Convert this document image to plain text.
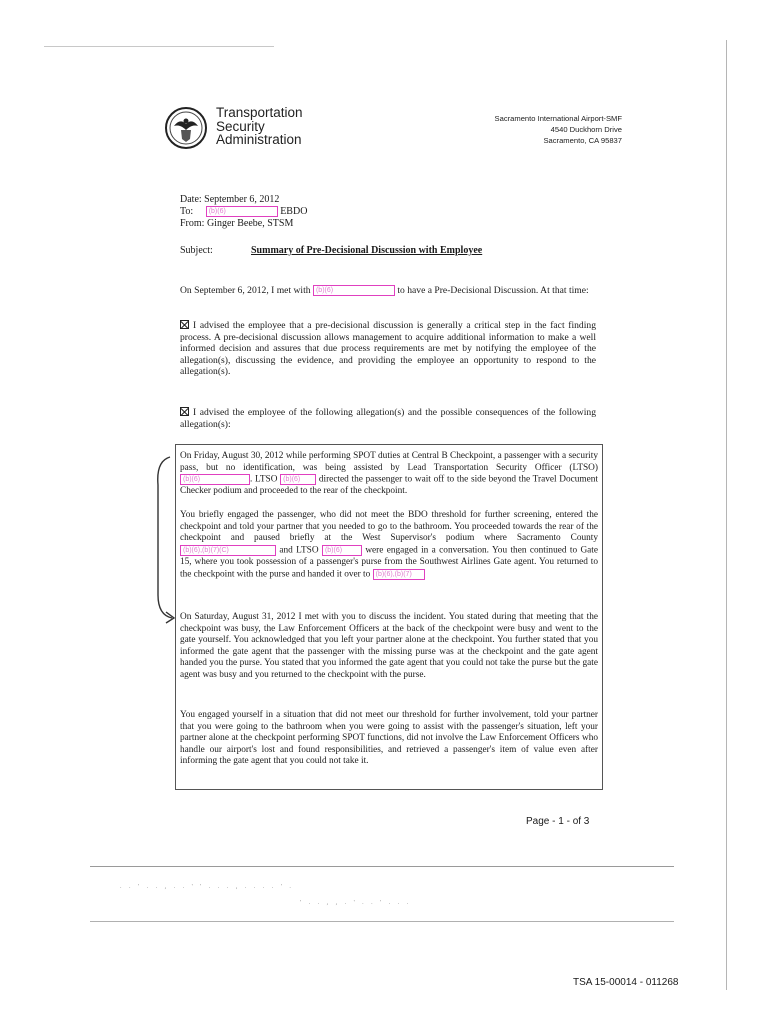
. . ' . . , . . ' ' . . . , . . . . ' .
' . . , , . ' . . ' . . .
Transportation
Security
Administration
Sacramento International Airport-SMF
4540 Duckhorn Drive
Sacramento, CA 95837
Date: September 6, 2012
To: (b)(6)	EBDO
From: Ginger Beebe, STSM
Subject:	Summary of Pre-Decisional Discussion with Employee
On September 6, 2012, I met with (b)(6)	to have a Pre-Decisional Discussion. At that time:
I advised the employee that a pre-decisional discussion is generally a critical step in the fact finding process. A pre-decisional discussion allows management to acquire additional information to make a well informed decision and assures that due process requirements are met by notifying the employee of the allegation(s), discussing the evidence, and providing the employee an opportunity to respond to the allegation(s).
I advised the employee of the following allegation(s) and the possible consequences of the following allegation(s):
On Friday, August 30, 2012 while performing SPOT duties at Central B Checkpoint, a passenger with a security pass, but no identification, was being assisted by Lead Transportation Security Officer (LTSO) (b)(6)	. LTSO (b)(6) directed the passenger to wait off to the side beyond the Travel Document Checker podium and proceeded to the rear of the checkpoint.
You briefly engaged the passenger, who did not meet the BDO threshold for further screening, entered the checkpoint and told your partner that you needed to go to the bathroom. You proceeded towards the rear of the checkpoint and paused briefly at the West Supervisor's podium where Sacramento County (b)(6),(b)(7)(C)	and LTSO (b)(6)	were engaged in a conversation. You then continued to Gate 15, where you took possession of a passenger's purse from the Southwest Airlines Gate agent. You returned to the checkpoint with the purse and handed it over to (b)(6),(b)(7)
On Saturday, August 31, 2012 I met with you to discuss the incident. You stated during that meeting that the checkpoint was busy, the Law Enforcement Officers at the back of the checkpoint were busy and went to the gate yourself. You acknowledged that you left your partner alone at the checkpoint. You further stated that you informed the gate agent that the passenger with the missing purse was at the checkpoint and the gate agent handed you the purse. You stated that you informed the gate agent that you could not take the purse but the gate agent was busy and you returned to the checkpoint with the purse.
You engaged yourself in a situation that did not meet our threshold for further involvement, told your partner that you were going to the bathroom when you were going to assist with the passenger's situation, left your partner alone at the checkpoint performing SPOT functions, did not involve the Law Enforcement Officers who handle our airport's lost and found responsibilities, and retrieved a passenger's item of value even after informing the gate agent that you could not take it.
Page - 1 - of 3
TSA 15-00014 - 011268
